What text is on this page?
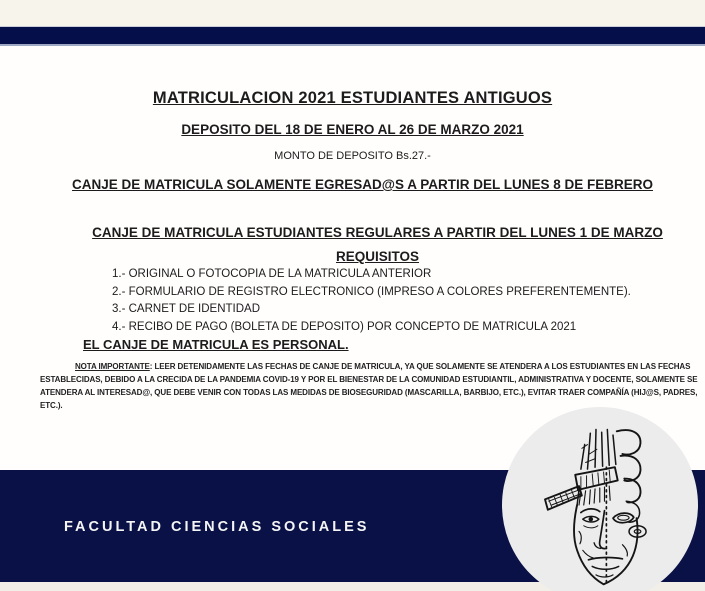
MATRICULACION 2021 ESTUDIANTES ANTIGUOS
DEPOSITO DEL 18 DE ENERO AL 26 DE MARZO 2021
MONTO DE DEPOSITO Bs.27.-
CANJE DE MATRICULA SOLAMENTE EGRESAD@S A PARTIR DEL LUNES 8 DE FEBRERO
CANJE DE MATRICULA ESTUDIANTES REGULARES A PARTIR DEL LUNES 1 DE MARZO
REQUISITOS
1.- ORIGINAL O FOTOCOPIA DE LA MATRICULA ANTERIOR
2.- FORMULARIO DE REGISTRO ELECTRONICO (IMPRESO A COLORES PREFERENTEMENTE).
3.- CARNET DE IDENTIDAD
4.- RECIBO DE PAGO (BOLETA DE DEPOSITO) POR CONCEPTO DE MATRICULA 2021
EL CANJE DE MATRICULA ES PERSONAL.
NOTA IMPORTANTE: LEER DETENIDAMENTE LAS FECHAS DE CANJE DE MATRICULA, YA QUE SOLAMENTE SE ATENDERA A LOS ESTUDIANTES EN LAS FECHAS
ESTABLECIDAS, DEBIDO A LA CRECIDA DE LA PANDEMIA COVID-19 Y POR EL BIENESTAR DE LA COMUNIDAD ESTUDIANTIL, ADMINISTRATIVA Y DOCENTE, SOLAMENTE SE
ATENDERA AL INTERESAD@, QUE DEBE VENIR CON TODAS LAS MEDIDAS DE BIOSEGURIDAD (MASCARILLA, BARBIJO, ETC.), EVITAR TRAER COMPAÑÍA (HIJ@S, PADRES,
ETC.).
FACULTAD CIENCIAS SOCIALES
